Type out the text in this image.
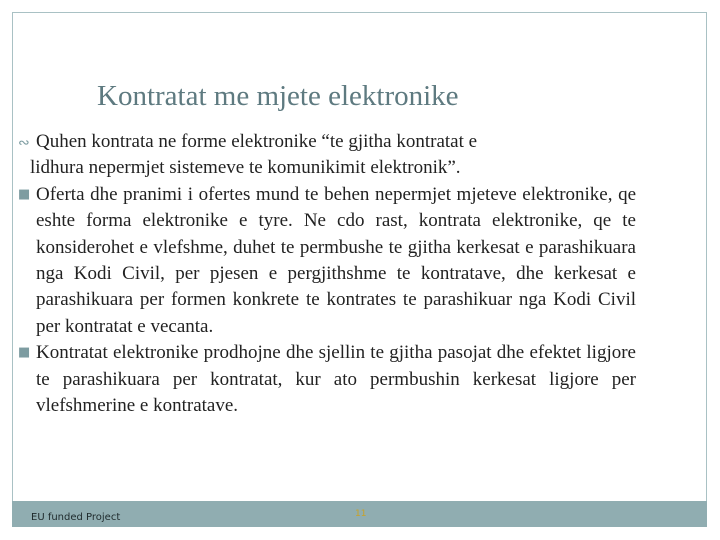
Kontratat me mjete elektronike
∾ Quhen kontrata ne forme elektronike “te gjitha kontratat e
lidhura nepermjet sistemeve te komunikimit elektronik”.
■ Oferta dhe pranimi i ofertes mund te behen nepermjet mjeteve elektronike, qe eshte forma elektronike e tyre. Ne cdo rast, kontrata elektronike, qe te konsiderohet e vlefshme, duhet te permbushe te gjitha kerkesat e parashikuara nga Kodi Civil, per pjesen e pergjithshme te kontratave, dhe kerkesat e parashikuara per formen konkrete te kontrates te parashikuar nga Kodi Civil per kontratat e vecanta.
■ Kontratat elektronike prodhojne dhe sjellin te gjitha pasojat dhe efektet ligjore te parashikuara per kontratat, kur ato permbushin kerkesat ligjore per vlefshmerine e kontratave.
EU funded Project	11
